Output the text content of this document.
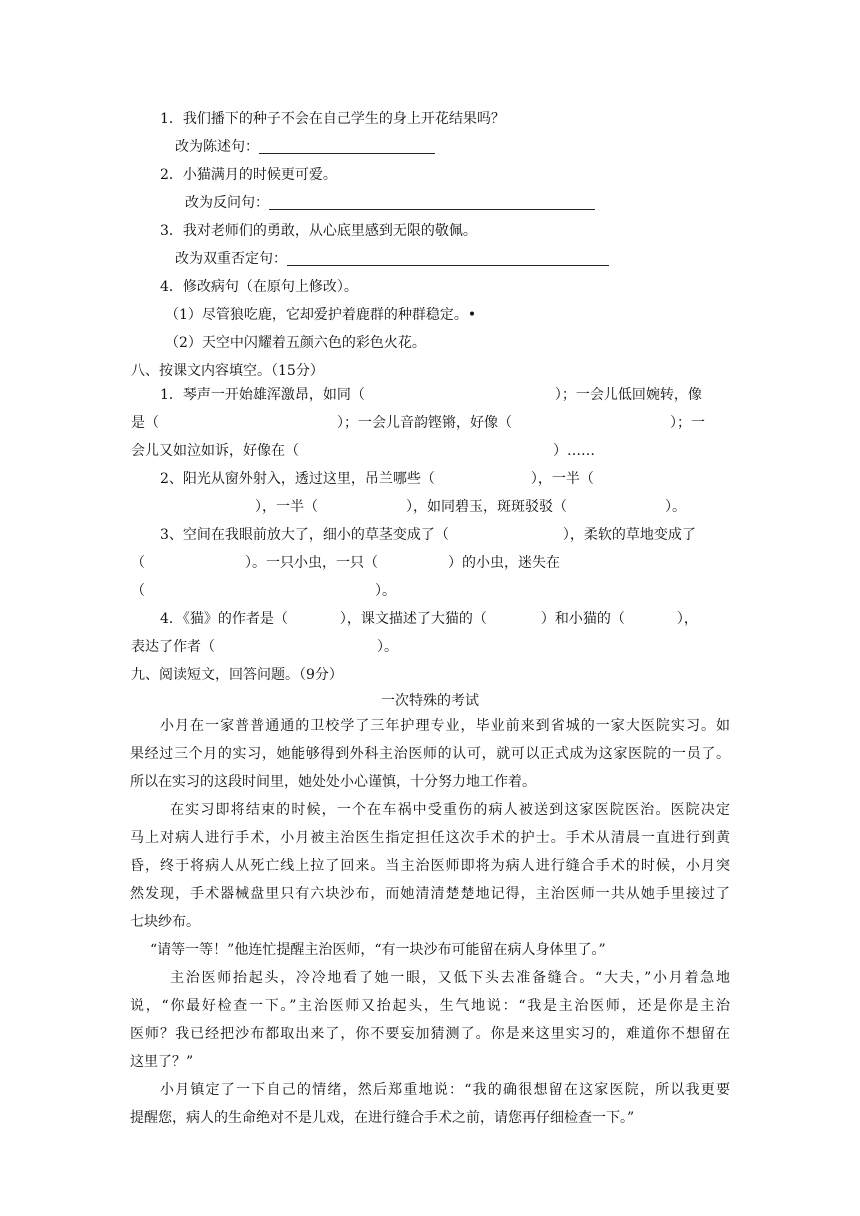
1．我们播下的种子不会在自己学生的身上开花结果吗？
改为陈述句：
2．小猫满月的时候更可爱。
改为反问句：
3．我对老师们的勇敢，从心底里感到无限的敬佩。
改为双重否定句：
4．修改病句（在原句上修改）。
（1）尽管狼吃鹿，它却爱护着鹿群的种群稳定。•
（2）天空中闪耀着五颜六色的彩色火花。
八、按课文内容填空。（15分）
1．琴声一开始雄浑激昂，如同（	）；一会儿低回婉转，像
是（	）；一会儿音韵铿锵，好像（	）；一
会儿又如泣如诉，好像在（	）……
2、阳光从窗外射入，透过这里，吊兰哪些（	），一半（
），一半（	），如同碧玉，斑斑驳驳（	）。
3、空间在我眼前放大了，细小的草茎变成了（	），柔软的草地变成了
（	）。一只小虫，一只（	）的小虫，迷失在
（	）。
4．《猫》的作者是（	），课文描述了大猫的（	）和小猫的（	），
表达了作者（	）。
九、阅读短文，回答问题。（9分）
一次特殊的考试
小月在一家普普通通的卫校学了三年护理专业，毕业前来到省城的一家大医院实习。如
果经过三个月的实习，她能够得到外科主治医师的认可，就可以正式成为这家医院的一员了。
所以在实习的这段时间里，她处处小心谨慎，十分努力地工作着。
在实习即将结束的时候，一个在车祸中受重伤的病人被送到这家医院医治。医院决定
马上对病人进行手术，小月被主治医生指定担任这次手术的护士。手术从清晨一直进行到黄
昏，终于将病人从死亡线上拉了回来。当主治医师即将为病人进行缝合手术的时候，小月突
然发现，手术器械盘里只有六块沙布，而她清清楚楚地记得，主治医师一共从她手里接过了
七块纱布。
“请等一等！”他连忙提醒主治医师，“有一块沙布可能留在病人身体里了。”
主治医师抬起头，冷冷地看了她一眼，又低下头去准备缝合。“大夫，”小月着急地
说，“你最好检查一下。”主治医师又抬起头，生气地说：“我是主治医师，还是你是主治
医师？我已经把沙布都取出来了，你不要妄加猜测了。你是来这里实习的，难道你不想留在
这里了？”
小月镇定了一下自己的情绪，然后郑重地说：“我的确很想留在这家医院，所以我更要
提醒您，病人的生命绝对不是儿戏，在进行缝合手术之前，请您再仔细检查一下。”
